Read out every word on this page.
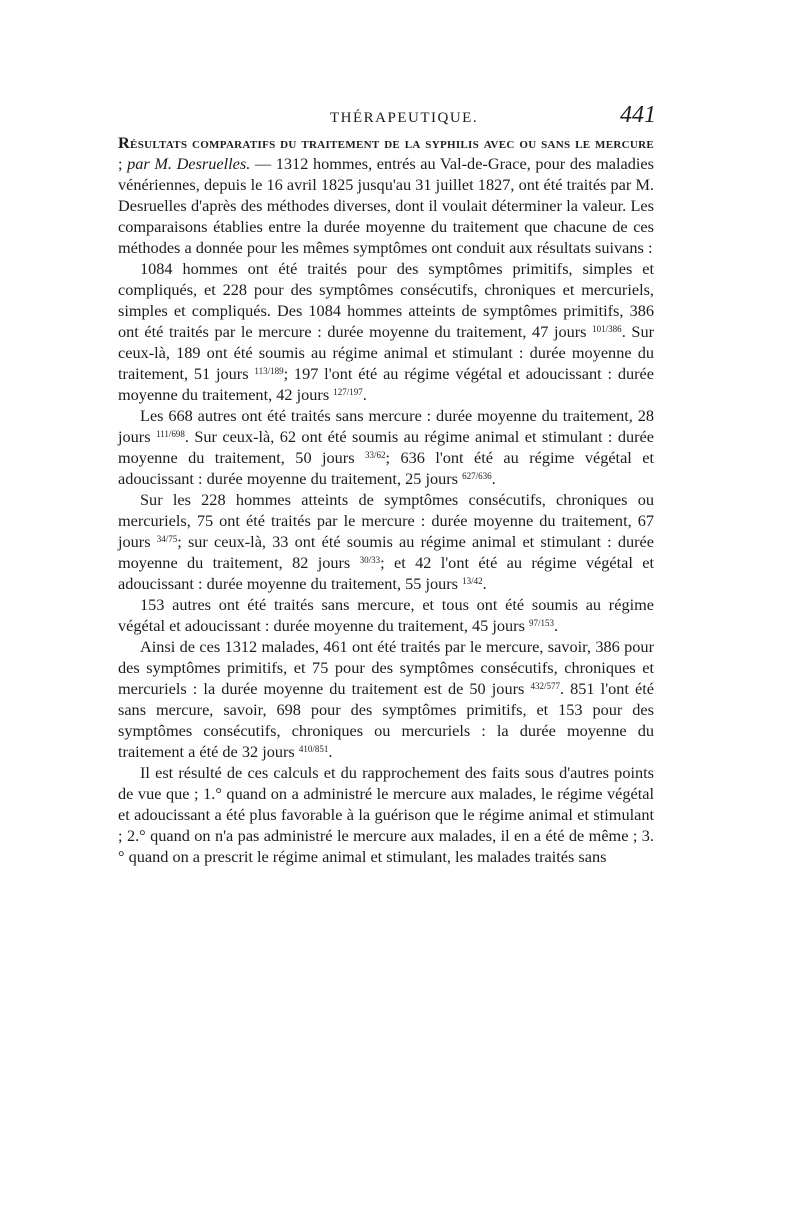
THÉRAPEUTIQUE.	441

Résultats comparatifs du traitement de la syphilis avec ou sans le mercure ; par M. Desruelles. — 1312 hommes, entrés au Val-de-Grace, pour des maladies vénériennes, depuis le 16 avril 1825 jusqu'au 31 juillet 1827, ont été traités par M. Desruelles d'après des méthodes diverses, dont il voulait déterminer la valeur. Les comparaisons établies entre la durée moyenne du traitement que chacune de ces méthodes a donnée pour les mêmes symptômes ont conduit aux résultats suivans :

1084 hommes ont été traités pour des symptômes primitifs, simples et compliqués, et 228 pour des symptômes consécutifs, chroniques et mercuriels, simples et compliqués. Des 1084 hommes atteints de symptômes primitifs, 386 ont été traités par le mercure : durée moyenne du traitement, 47 jours $^{101/386}$. Sur ceux-là, 189 ont été soumis au régime animal et stimulant : durée moyenne du traitement, 51 jours $^{113/189}$; 197 l'ont été au régime végétal et adoucissant : durée moyenne du traitement, 42 jours $^{127/197}$.

Les 668 autres ont été traités sans mercure : durée moyenne du traitement, 28 jours $^{111/698}$. Sur ceux-là, 62 ont été soumis au régime animal et stimulant : durée moyenne du traitement, 50 jours $^{33/62}$; 636 l'ont été au régime végétal et adoucissant : durée moyenne du traitement, 25 jours $^{627/636}$.

Sur les 228 hommes atteints de symptômes consécutifs, chroniques ou mercuriels, 75 ont été traités par le mercure : durée moyenne du traitement, 67 jours $^{34/75}$; sur ceux-là, 33 ont été soumis au régime animal et stimulant : durée moyenne du traitement, 82 jours $^{30/33}$; et 42 l'ont été au régime végétal et adoucissant : durée moyenne du traitement, 55 jours $^{13/42}$.

153 autres ont été traités sans mercure, et tous ont été soumis au régime végétal et adoucissant : durée moyenne du traitement, 45 jours $^{97/153}$.

Ainsi de ces 1312 malades, 461 ont été traités par le mercure, savoir, 386 pour des symptômes primitifs, et 75 pour des symptômes consécutifs, chroniques et mercuriels : la durée moyenne du traitement est de 50 jours $^{432/577}$. 851 l'ont été sans mercure, savoir, 698 pour des symptômes primitifs, et 153 pour des symptômes consécutifs, chroniques ou mercuriels : la durée moyenne du traitement a été de 32 jours $^{410/851}$.

Il est résulté de ces calculs et du rapprochement des faits sous d'autres points de vue que ; 1.° quand on a administré le mercure aux malades, le régime végétal et adoucissant a été plus favorable à la guérison que le régime animal et stimulant ; 2.° quand on n'a pas administré le mercure aux malades, il en a été de même ; 3.° quand on a prescrit le régime animal et stimulant, les malades traités sans
